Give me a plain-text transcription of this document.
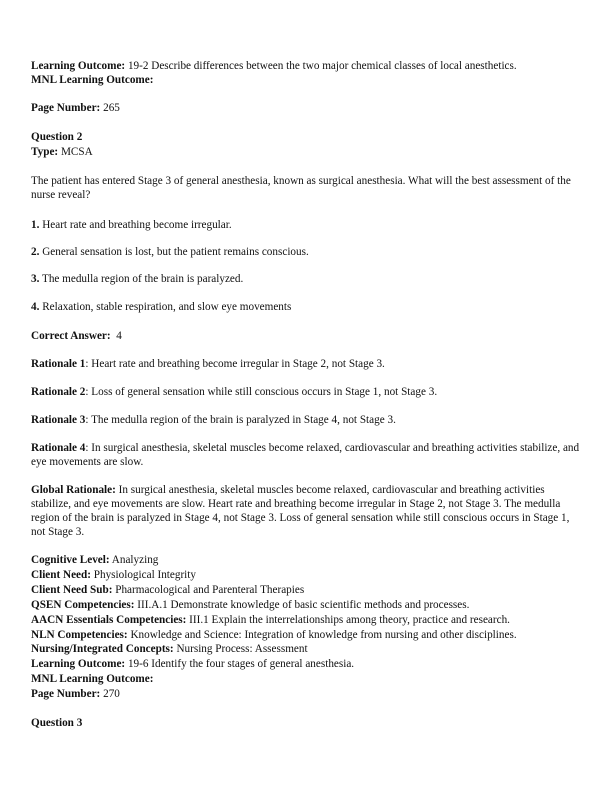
Learning Outcome: 19-2 Describe differences between the two major chemical classes of local anesthetics.
MNL Learning Outcome:
Page Number: 265
Question 2
Type: MCSA
The patient has entered Stage 3 of general anesthesia, known as surgical anesthesia. What will the best assessment of the nurse reveal?
1. Heart rate and breathing become irregular.
2. General sensation is lost, but the patient remains conscious.
3. The medulla region of the brain is paralyzed.
4. Relaxation, stable respiration, and slow eye movements
Correct Answer:  4
Rationale 1: Heart rate and breathing become irregular in Stage 2, not Stage 3.
Rationale 2: Loss of general sensation while still conscious occurs in Stage 1, not Stage 3.
Rationale 3: The medulla region of the brain is paralyzed in Stage 4, not Stage 3.
Rationale 4: In surgical anesthesia, skeletal muscles become relaxed, cardiovascular and breathing activities stabilize, and eye movements are slow.
Global Rationale: In surgical anesthesia, skeletal muscles become relaxed, cardiovascular and breathing activities stabilize, and eye movements are slow. Heart rate and breathing become irregular in Stage 2, not Stage 3. The medulla region of the brain is paralyzed in Stage 4, not Stage 3. Loss of general sensation while still conscious occurs in Stage 1, not Stage 3.
Cognitive Level: Analyzing
Client Need: Physiological Integrity
Client Need Sub: Pharmacological and Parenteral Therapies
QSEN Competencies: III.A.1 Demonstrate knowledge of basic scientific methods and processes.
AACN Essentials Competencies: III.1 Explain the interrelationships among theory, practice and research.
NLN Competencies: Knowledge and Science: Integration of knowledge from nursing and other disciplines.
Nursing/Integrated Concepts: Nursing Process: Assessment
Learning Outcome: 19-6 Identify the four stages of general anesthesia.
MNL Learning Outcome:
Page Number: 270
Question 3
